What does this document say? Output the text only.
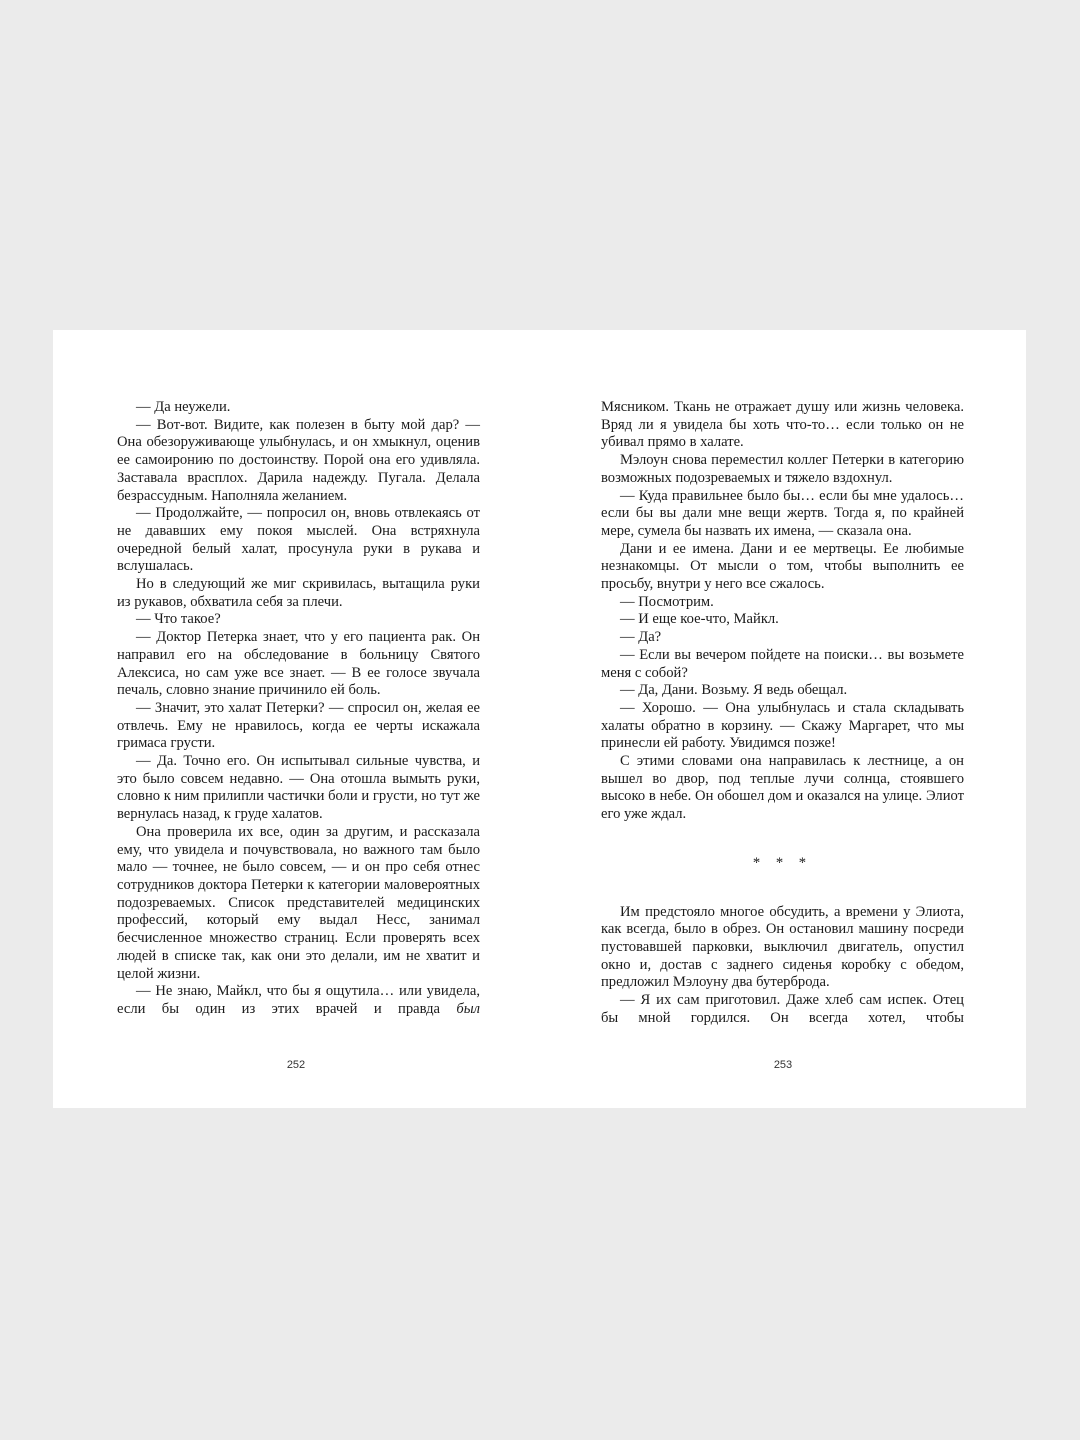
— Да неужели.

— Вот-вот. Видите, как полезен в быту мой дар? — Она обезоруживающе улыбнулась, и он хмыкнул, оценив ее самоиронию по достоинству. Порой она его удивляла. Заставала врасплох. Дарила надежду. Пугала. Делала безрассудным. Наполняла желанием.

— Продолжайте, — попросил он, вновь отвлекаясь от не дававших ему покоя мыслей. Она встряхнула очередной белый халат, просунула руки в рукава и вслушалась.

Но в следующий же миг скривилась, вытащила руки из рукавов, обхватила себя за плечи.

— Что такое?

— Доктор Петерка знает, что у его пациента рак. Он направил его на обследование в больницу Святого Алексиса, но сам уже все знает. — В ее голосе звучала печаль, словно знание причинило ей боль.

— Значит, это халат Петерки? — спросил он, желая ее отвлечь. Ему не нравилось, когда ее черты искажала гримаса грусти.

— Да. Точно его. Он испытывал сильные чувства, и это было совсем недавно. — Она отошла вымыть руки, словно к ним прилипли частички боли и грусти, но тут же вернулась назад, к груде халатов.

Она проверила их все, один за другим, и рассказала ему, что увидела и почувствовала, но важного там было мало — точнее, не было совсем, — и он про себя отнес сотрудников доктора Петерки к категории маловероятных подозреваемых. Список представителей медицинских профессий, который ему выдал Несс, занимал бесчисленное множество страниц. Если проверять всех людей в списке так, как они это делали, им не хватит и целой жизни.

— Не знаю, Майкл, что бы я ощутила… или увидела, если бы один из этих врачей и правда был

252

Мясником. Ткань не отражает душу или жизнь человека. Вряд ли я увидела бы хоть что-то… если только он не убивал прямо в халате.

Мэлоун снова переместил коллег Петерки в категорию возможных подозреваемых и тяжело вздохнул.

— Куда правильнее было бы… если бы мне удалось… если бы вы дали мне вещи жертв. Тогда я, по крайней мере, сумела бы назвать их имена, — сказала она.

Дани и ее имена. Дани и ее мертвецы. Ее любимые незнакомцы. От мысли о том, чтобы выполнить ее просьбу, внутри у него все сжалось.

— Посмотрим.

— И еще кое-что, Майкл.

— Да?

— Если вы вечером пойдете на поиски… вы возьмете меня с собой?

— Да, Дани. Возьму. Я ведь обещал.

— Хорошо. — Она улыбнулась и стала складывать халаты обратно в корзину. — Скажу Маргарет, что мы принесли ей работу. Увидимся позже!

С этими словами она направилась к лестнице, а он вышел во двор, под теплые лучи солнца, стоявшего высоко в небе. Он обошел дом и оказался на улице. Элиот его уже ждал.

* * *

Им предстояло многое обсудить, а времени у Элиота, как всегда, было в обрез. Он остановил машину посреди пустовавшей парковки, выключил двигатель, опустил окно и, достав с заднего сиденья коробку с обедом, предложил Мэлоуну два бутерброда.

— Я их сам приготовил. Даже хлеб сам испек. Отец бы мной гордился. Он всегда хотел, чтобы

253
